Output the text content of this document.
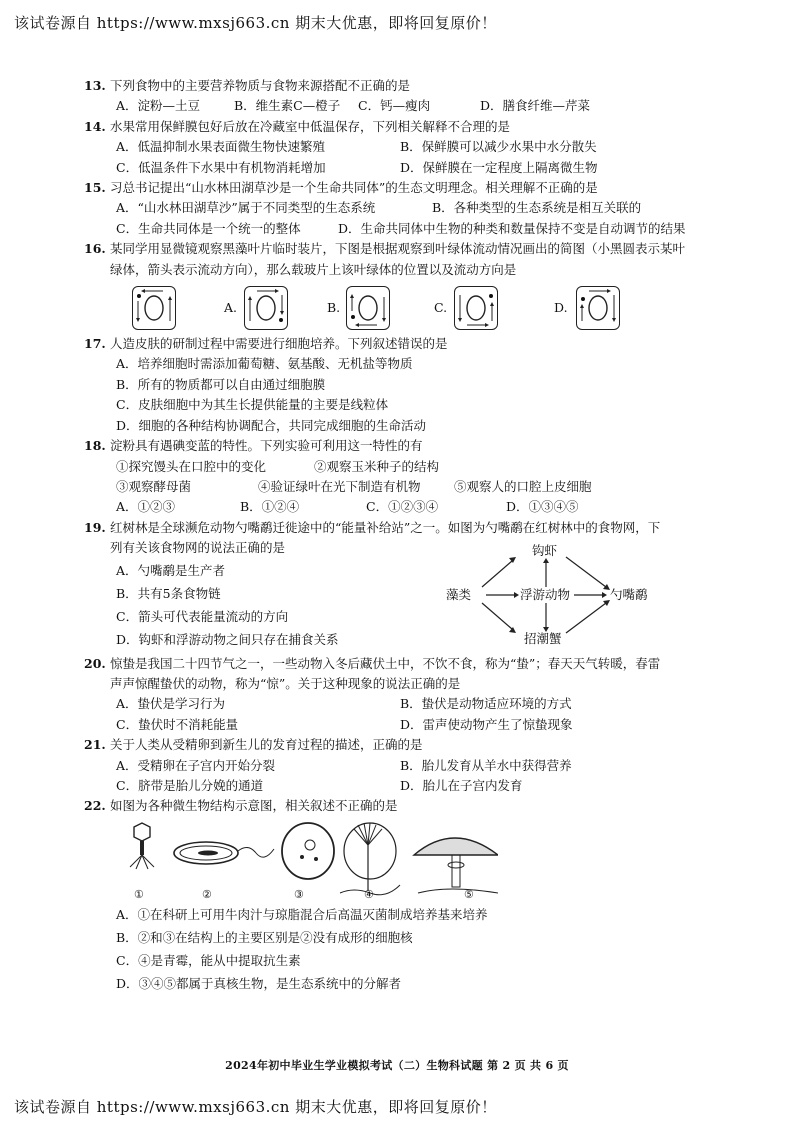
该试卷源自 https://www.mxsj663.cn 期末大优惠，即将回复原价！
13. 下列食物中的主要营养物质与食物来源搭配不正确的是
A．淀粉—土豆	B．维生素C—橙子	C．钙—瘦肉	D．膳食纤维—芹菜
14. 水果常用保鲜膜包好后放在冷藏室中低温保存，下列相关解释不合理的是
A．低温抑制水果表面微生物快速繁殖	B．保鲜膜可以减少水果中水分散失
C．低温条件下水果中有机物消耗增加	D．保鲜膜在一定程度上隔离微生物
15. 习总书记提出“山水林田湖草沙是一个生命共同体”的生态文明理念。相关理解不正确的是
A．“山水林田湖草沙”属于不同类型的生态系统	B．各种类型的生态系统是相互关联的
C．生命共同体是一个统一的整体	D．生命共同体中生物的种类和数量保持不变是自动调节的结果
16. 某同学用显微镜观察黑藻叶片临时装片，下图是根据观察到叶绿体流动情况画出的简图（小黑圆表示某叶
绿体，箭头表示流动方向），那么载玻片上该叶绿体的位置以及流动方向是
A.	B.	C.	D.
17. 人造皮肤的研制过程中需要进行细胞培养。下列叙述错误的是
A．培养细胞时需添加葡萄糖、氨基酸、无机盐等物质
B．所有的物质都可以自由通过细胞膜
C．皮肤细胞中为其生长提供能量的主要是线粒体
D．细胞的各种结构协调配合，共同完成细胞的生命活动
18. 淀粉具有遇碘变蓝的特性。下列实验可利用这一特性的有
①探究馒头在口腔中的变化	②观察玉米种子的结构
③观察酵母菌	④验证绿叶在光下制造有机物	⑤观察人的口腔上皮细胞
A．①②③	B．①②④	C．①②③④	D．①③④⑤
19. 红树林是全球濒危动物勺嘴鹬迁徙途中的“能量补给站”之一。如图为勺嘴鹬在红树林中的食物网，下
列有关该食物网的说法正确的是
A．勺嘴鹬是生产者
B．共有5条食物链
C．箭头可代表能量流动的方向
D．钩虾和浮游动物之间只存在捕食关系
藻类	浮游动物
钩虾
招潮蟹
勺嘴鹬
20. 惊蛰是我国二十四节气之一，一些动物入冬后藏伏土中，不饮不食，称为“蛰”；春天天气转暖，春雷
声声惊醒蛰伏的动物，称为“惊”。关于这种现象的说法正确的是
A．蛰伏是学习行为	B．蛰伏是动物适应环境的方式
C．蛰伏时不消耗能量	D．雷声使动物产生了惊蛰现象
21. 关于人类从受精卵到新生儿的发育过程的描述，正确的是
A．受精卵在子宫内开始分裂	B．胎儿发育从羊水中获得营养
C．脐带是胎儿分娩的通道	D．胎儿在子宫内发育
22. 如图为各种微生物结构示意图，相关叙述不正确的是
①	②	③	④	⑤
A．①在科研上可用牛肉汁与琼脂混合后高温灭菌制成培养基来培养
B．②和③在结构上的主要区别是②没有成形的细胞核
C．④是青霉，能从中提取抗生素
D．③④⑤都属于真核生物，是生态系统中的分解者
2024年初中毕业生学业模拟考试（二）生物科试题 第 2 页 共 6 页
该试卷源自 https://www.mxsj663.cn 期末大优惠，即将回复原价！
